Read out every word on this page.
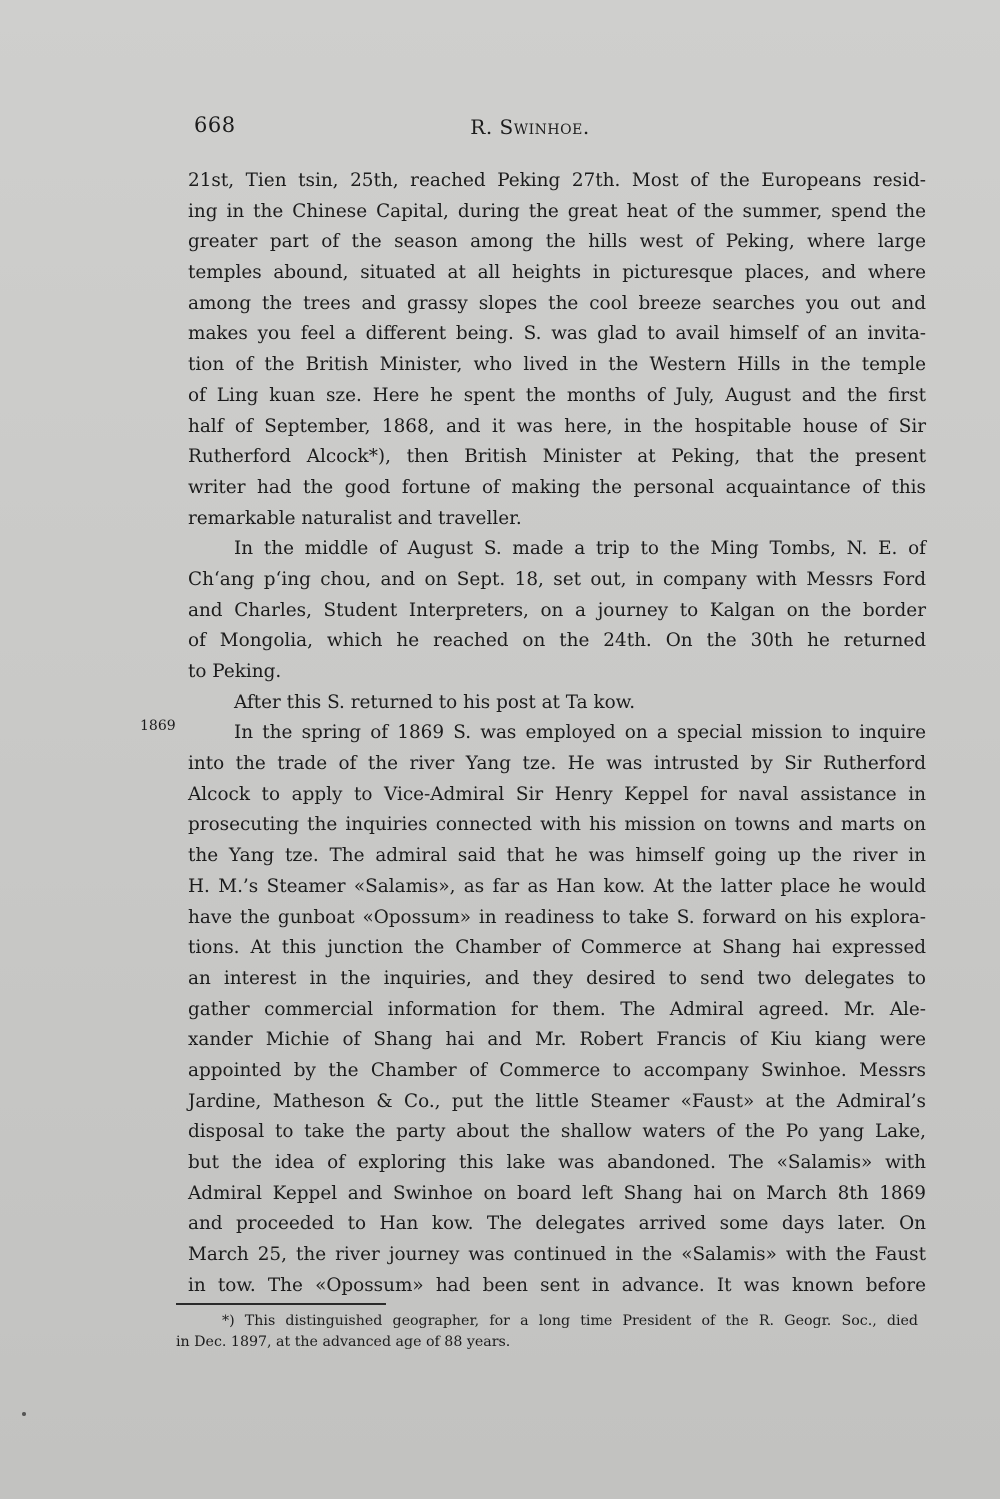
668	R. Swinhoe.
1869
21st, Tien tsin, 25th, reached Peking 27th. Most of the Europeans resid-
ing in the Chinese Capital, during the great heat of the summer, spend the
greater part of the season among the hills west of Peking, where large
temples abound, situated at all heights in picturesque places, and where
among the trees and grassy slopes the cool breeze searches you out and
makes you feel a different being. S. was glad to avail himself of an invita-
tion of the British Minister, who lived in the Western Hills in the temple
of Ling kuan sze. Here he spent the months of July, August and the first
half of September, 1868, and it was here, in the hospitable house of Sir
Rutherford Alcock*), then British Minister at Peking, that the present
writer had the good fortune of making the personal acquaintance of this
remarkable naturalist and traveller.
In the middle of August S. made a trip to the Ming Tombs, N. E. of
Ch‘ang p‘ing chou, and on Sept. 18, set out, in company with Messrs Ford
and Charles, Student Interpreters, on a journey to Kalgan on the border
of Mongolia, which he reached on the 24th. On the 30th he returned
to Peking.
After this S. returned to his post at Ta kow.
In the spring of 1869 S. was employed on a special mission to inquire
into the trade of the river Yang tze. He was intrusted by Sir Rutherford
Alcock to apply to Vice-Admiral Sir Henry Keppel for naval assistance in
prosecuting the inquiries connected with his mission on towns and marts on
the Yang tze. The admiral said that he was himself going up the river in
H. M.’s Steamer «Salamis», as far as Han kow. At the latter place he would
have the gunboat «Opossum» in readiness to take S. forward on his explora-
tions. At this junction the Chamber of Commerce at Shang hai expressed
an interest in the inquiries, and they desired to send two delegates to
gather commercial information for them. The Admiral agreed. Mr. Ale-
xander Michie of Shang hai and Mr. Robert Francis of Kiu kiang were
appointed by the Chamber of Commerce to accompany Swinhoe. Messrs
Jardine, Matheson & Co., put the little Steamer «Faust» at the Admiral’s
disposal to take the party about the shallow waters of the Po yang Lake,
but the idea of exploring this lake was abandoned. The «Salamis» with
Admiral Keppel and Swinhoe on board left Shang hai on March 8th 1869
and proceeded to Han kow. The delegates arrived some days later. On
March 25, the river journey was continued in the «Salamis» with the Faust
in tow. The «Opossum» had been sent in advance. It was known before
*) This distinguished geographer, for a long time President of the R. Geogr. Soc., died
in Dec. 1897, at the advanced age of 88 years.
